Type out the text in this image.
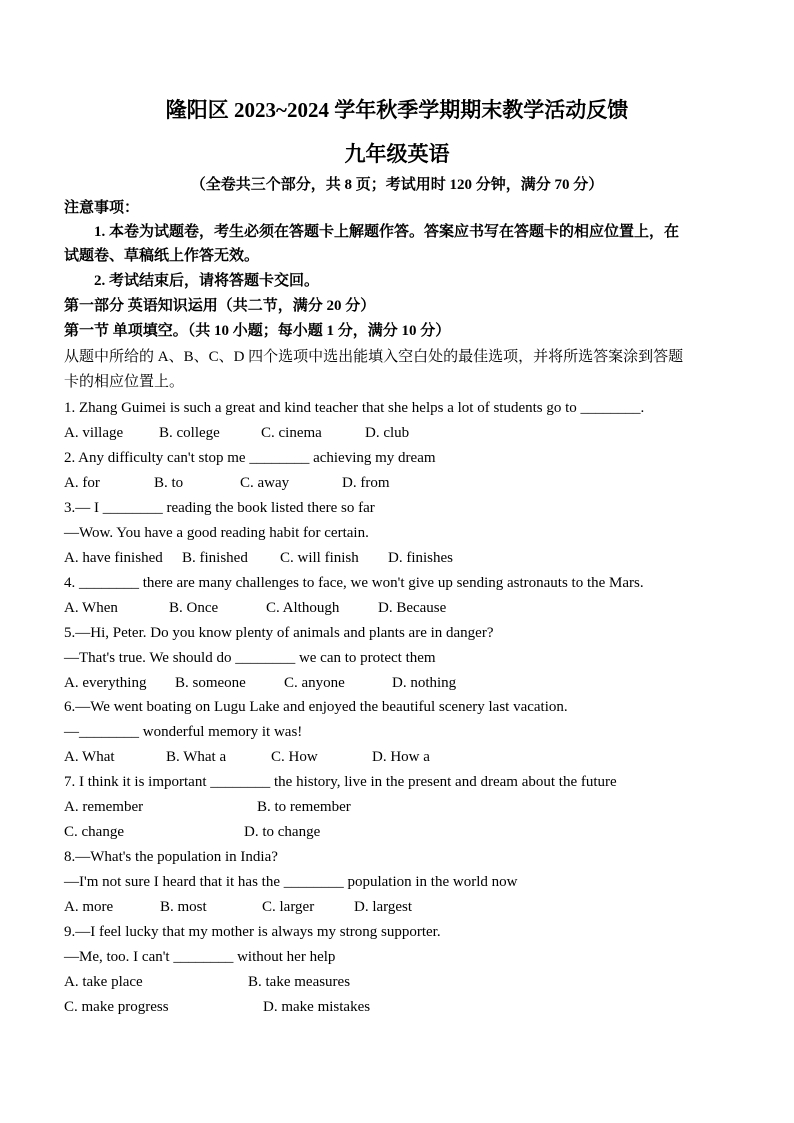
隆阳区 2023~2024 学年秋季学期期末教学活动反馈
九年级英语
（全卷共三个部分，共 8 页；考试用时 120 分钟，满分 70 分）
注意事项：
1. 本卷为试题卷，考生必须在答题卡上解题作答。答案应书写在答题卡的相应位置上，在
试题卷、草稿纸上作答无效。
2. 考试结束后，请将答题卡交回。
第一部分 英语知识运用（共二节，满分 20 分）
第一节 单项填空。（共 10 小题；每小题 1 分，满分 10 分）
从题中所给的 A、B、C、D 四个选项中选出能填入空白处的最佳选项，并将所选答案涂到答题
卡的相应位置上。
1. Zhang Guimei is such a great and kind teacher that she helps a lot of students go to ________.
A. village B. college	C. cinema	D. club
2. Any difficulty can't stop me ________ achieving my dream
A. for	B. to	C. away	D. from
3.— I ________ reading the book listed there so far
—Wow. You have a good reading habit for certain.
A. have finished B. finished C. will finish D. finishes
4. ________ there are many challenges to face, we won't give up sending astronauts to the Mars.
A. When	B. Once	C. Although	D. Because
5.—Hi, Peter. Do you know plenty of animals and plants are in danger?
—That's true. We should do ________ we can to protect them
A. everything B. someone	C. anyone	D. nothing
6.—We went boating on Lugu Lake and enjoyed the beautiful scenery last vacation.
—________ wonderful memory it was!
A. What	B. What a	C. How	D. How a
7. I think it is important ________ the history, live in the present and dream about the future
A. remember	B. to remember
C. change	D. to change
8.—What's the population in India?
—I'm not sure I heard that it has the ________ population in the world now
A. more	B. most	C. larger	D. largest
9.—I feel lucky that my mother is always my strong supporter.
—Me, too. I can't ________ without her help
A. take place	B. take measures
C. make progress	D. make mistakes
